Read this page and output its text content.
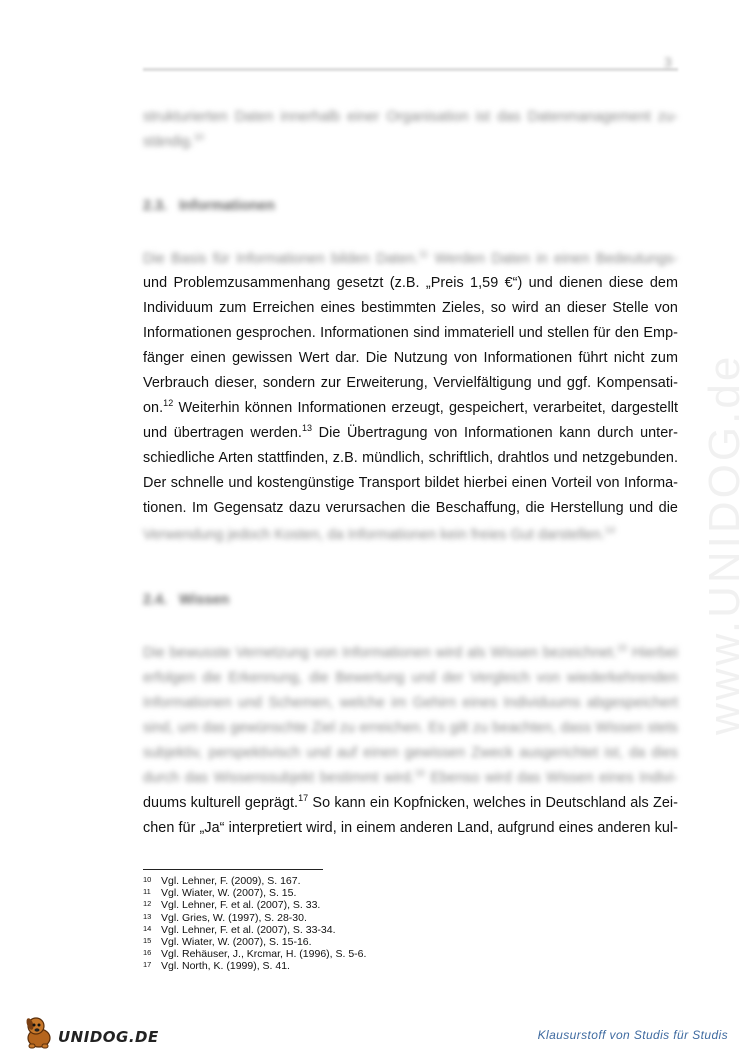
www.UNIDOG.de
3
strukturierten Daten innerhalb einer Organisation ist das Datenmanagement zu-
ständig.$^{10}$
2.3. Informationen
Die Basis für Informationen bilden Daten.$^{11}$ Werden Daten in einen Bedeutungs-
und Problemzusammenhang gesetzt (z.B. „Preis 1,59 €“) und dienen diese dem
Individuum zum Erreichen eines bestimmten Zieles, so wird an dieser Stelle von
Informationen gesprochen. Informationen sind immateriell und stellen für den Emp-
fänger einen gewissen Wert dar. Die Nutzung von Informationen führt nicht zum
Verbrauch dieser, sondern zur Erweiterung, Vervielfältigung und ggf. Kompensati-
on.$^{12}$ Weiterhin können Informationen erzeugt, gespeichert, verarbeitet, dargestellt
und übertragen werden.$^{13}$ Die Übertragung von Informationen kann durch unter-
schiedliche Arten stattfinden, z.B. mündlich, schriftlich, drahtlos und netzgebunden.
Der schnelle und kostengünstige Transport bildet hierbei einen Vorteil von Informa-
tionen. Im Gegensatz dazu verursachen die Beschaffung, die Herstellung und die
Verwendung jedoch Kosten, da Informationen kein freies Gut darstellen.$^{14}$
2.4. Wissen
Die bewusste Vernetzung von Informationen wird als Wissen bezeichnet.$^{15}$ Hierbei
erfolgen die Erkennung, die Bewertung und der Vergleich von wiederkehrenden
Informationen und Schemen, welche im Gehirn eines Individuums abgespeichert
sind, um das gewünschte Ziel zu erreichen. Es gilt zu beachten, dass Wissen stets
subjektiv, perspektivisch und auf einen gewissen Zweck ausgerichtet ist, da dies
durch das Wissenssubjekt bestimmt wird.$^{16}$ Ebenso wird das Wissen eines Indivi-
duums kulturell geprägt.$^{17}$ So kann ein Kopfnicken, welches in Deutschland als Zei-
chen für „Ja“ interpretiert wird, in einem anderen Land, aufgrund eines anderen kul-
10 Vgl. Lehner, F. (2009), S. 167.
11 Vgl. Wiater, W. (2007), S. 15.
12 Vgl. Lehner, F. et al. (2007), S. 33.
13 Vgl. Gries, W. (1997), S. 28-30.
14 Vgl. Lehner, F. et al. (2007), S. 33-34.
15 Vgl. Wiater, W. (2007), S. 15-16.
16 Vgl. Rehäuser, J., Krcmar, H. (1996), S. 5-6.
17 Vgl. North, K. (1999), S. 41.
UNIDOG.DE	Klausurstoff von Studis für Studis
